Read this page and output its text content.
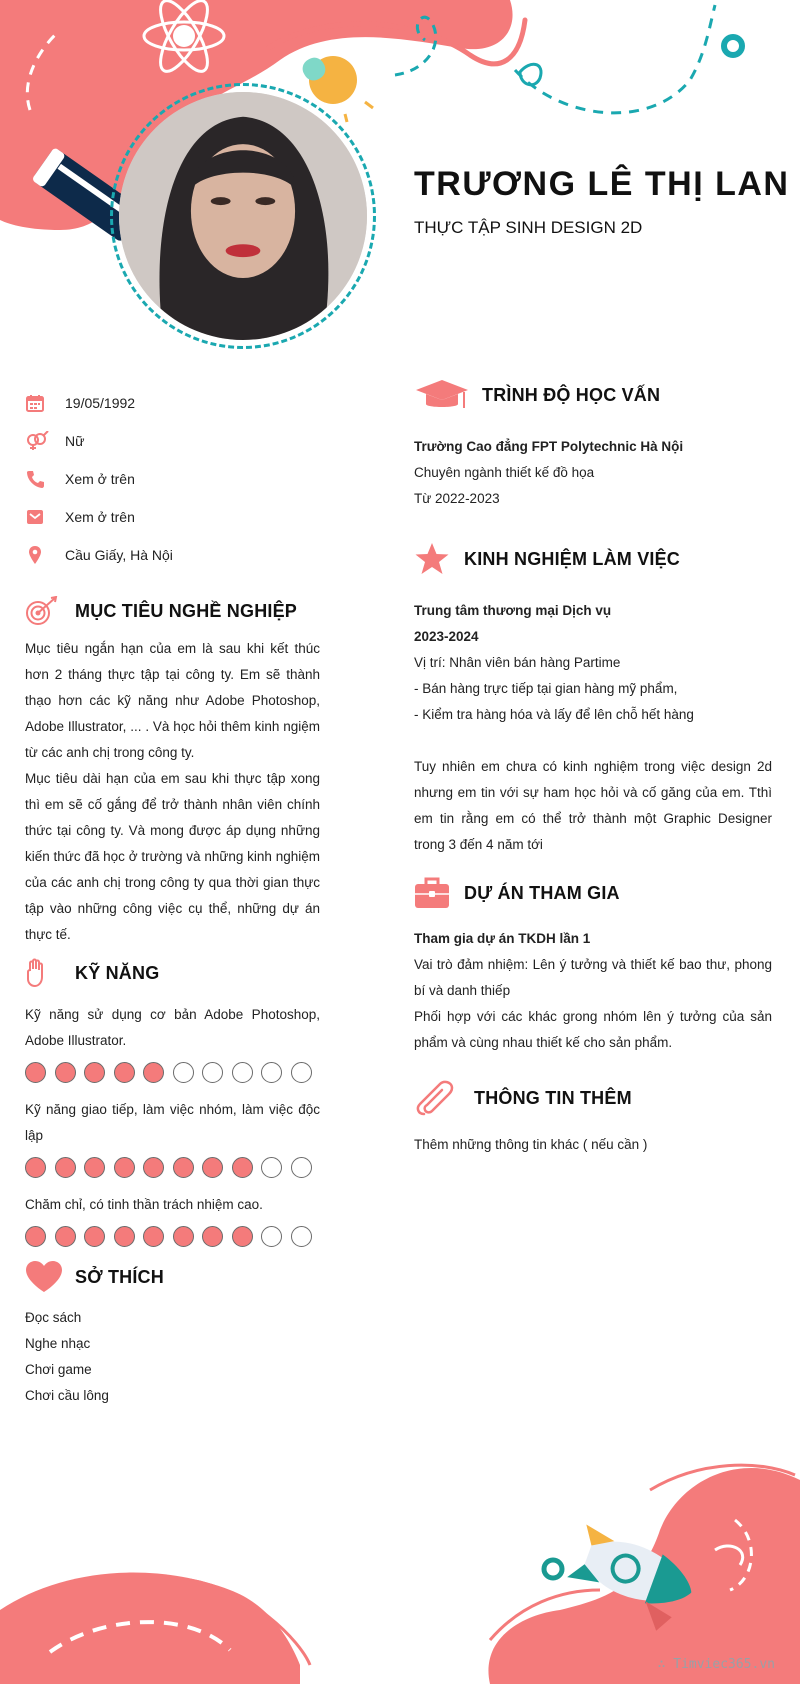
TRƯƠNG LÊ THỊ LAN
THỰC TẬP SINH DESIGN 2D
19/05/1992
Nữ
Xem ở trên
Xem ở trên
Cầu Giấy, Hà Nội
MỤC TIÊU NGHỀ NGHIỆP

Mục tiêu ngắn hạn của em là sau khi kết thúc hơn 2 tháng thực tập tại công ty. Em sẽ thành thạo hơn các kỹ năng như Adobe Photoshop, Adobe Illustrator, ... . Và học hỏi thêm kinh ngiệm từ các anh chị trong công ty.

Mục tiêu dài hạn của em sau khi thực tập xong thì em sẽ cố gắng để trở thành nhân viên chính thức tại công ty. Và mong được áp dụng những kiến thức đã học ở trường và những kinh nghiệm của các anh chị trong công ty qua thời gian thực tập vào những công việc cụ thể, những dự án thực tế.

KỸ NĂNG

Kỹ năng sử dụng cơ bản Adobe Photoshop, Adobe Illustrator.

Kỹ năng giao tiếp, làm việc nhóm, làm việc độc lập

Chăm chỉ, có tinh thần trách nhiệm cao.

SỞ THÍCH
Đọc sách
Nghe nhạc
Chơi game
Chơi cầu lông
TRÌNH ĐỘ HỌC VẤN
Trường Cao đẳng FPT Polytechnic Hà Nội
Chuyên ngành thiết kế đồ họa
Từ 2022-2023
KINH NGHIỆM LÀM VIỆC
Trung tâm thương mại Dịch vụ
2023-2024
Vị trí: Nhân viên bán hàng Partime
- Bán hàng trực tiếp tại gian hàng mỹ phẩm,
- Kiểm tra hàng hóa và lấy để lên chỗ hết hàng

Tuy nhiên em chưa có kinh nghiệm trong việc design 2d nhưng em tin với sự ham học hỏi và cố găng của em. Tthì em tin rằng em có thể trở thành một Graphic Designer trong 3 đến 4 năm tới

DỰ ÁN THAM GIA
Tham gia dự án TKDH lần 1

Vai trò đảm nhiệm: Lên ý tưởng và thiết kế bao thư, phong bí và danh thiếp

Phối hợp với các khác grong nhóm lên ý tưởng của sản phẩm và cùng nhau thiết kế cho sản phẩm.

THÔNG TIN THÊM
Thêm những thông tin khác ( nếu cần )
∴ Timviec365.vn
